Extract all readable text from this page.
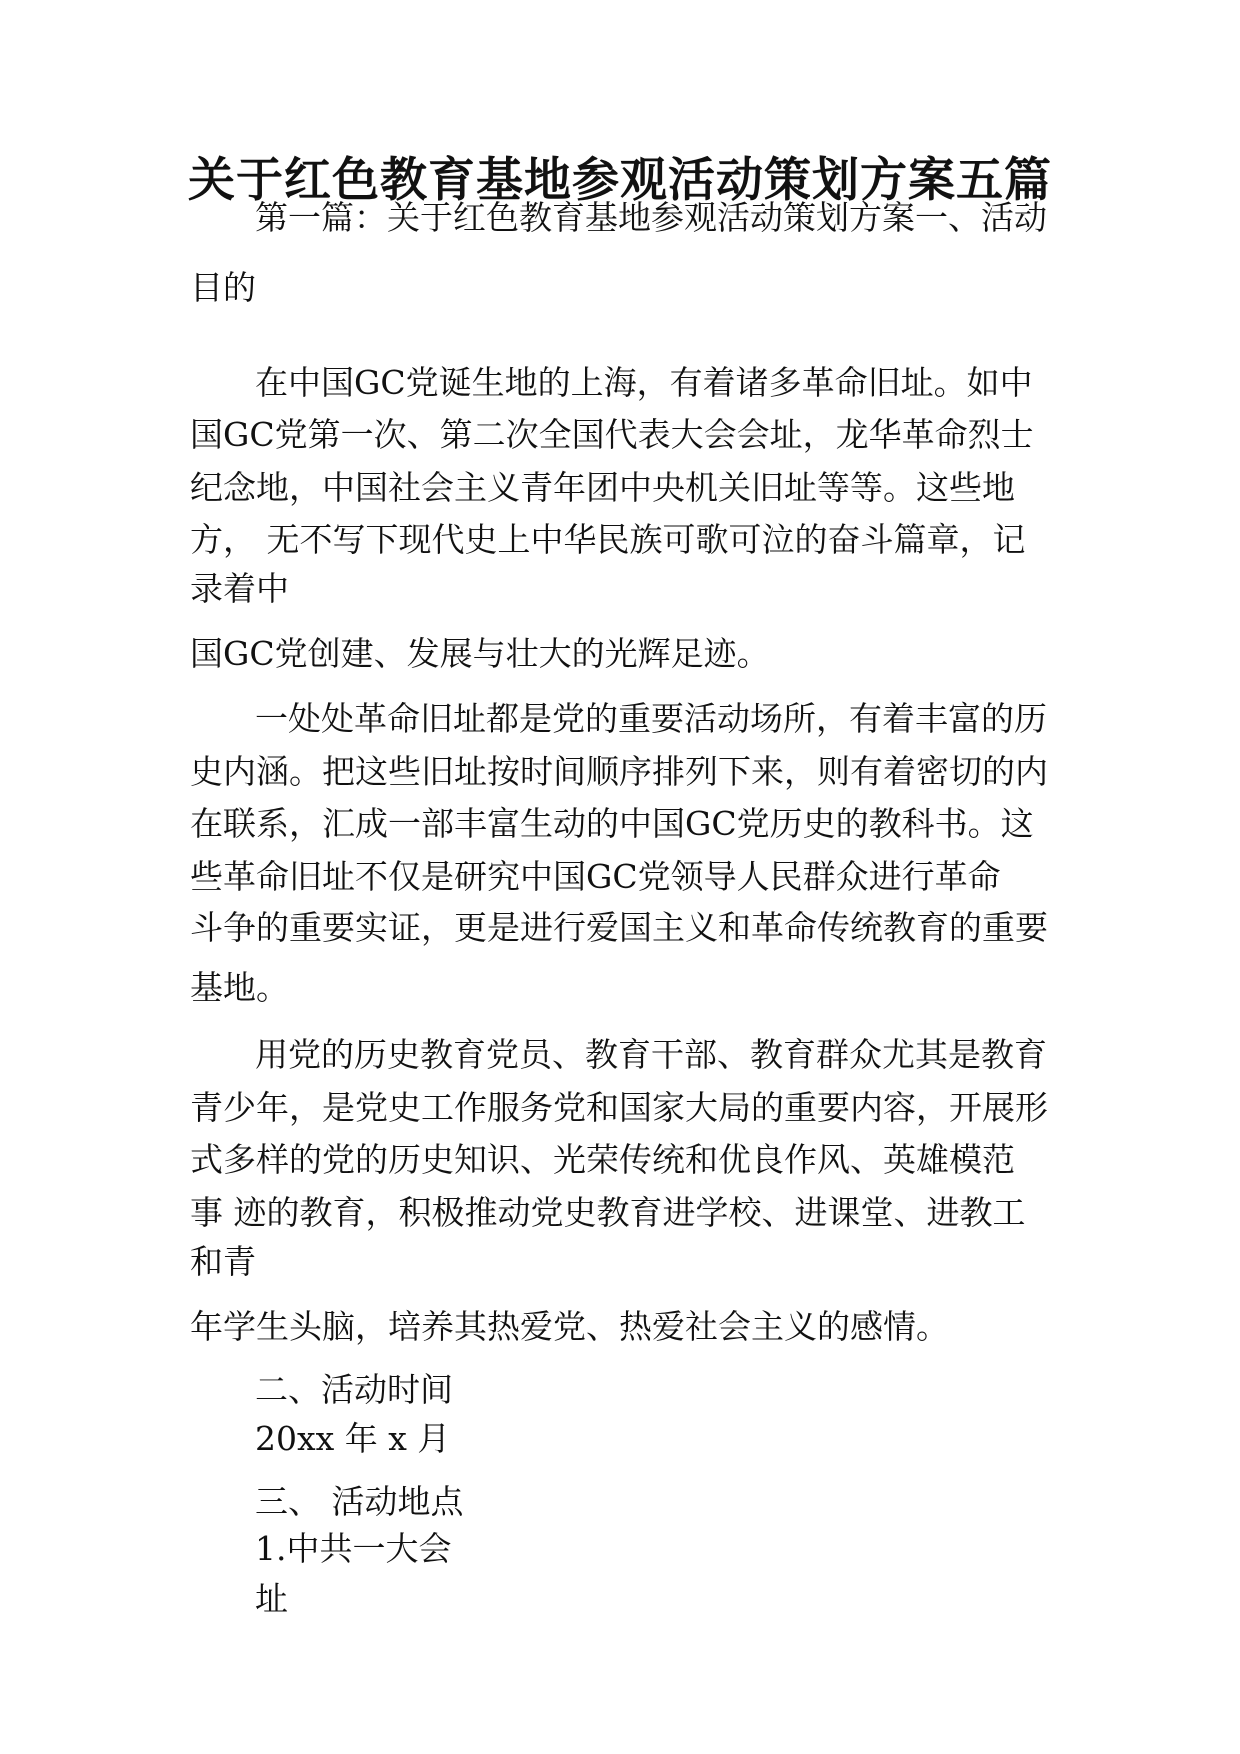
关于红色教育基地参观活动策划方案五篇

第一篇：关于红色教育基地参观活动策划方案一、活动

目的

在中国GC党诞生地的上海，有着诸多革命旧址。如中

国GC党第一次、第二次全国代表大会会址，龙华革命烈士

纪念地，中国社会主义青年团中央机关旧址等等。这些地

方， 无不写下现代史上中华民族可歌可泣的奋斗篇章，记

录着中

国GC党创建、发展与壮大的光辉足迹。

一处处革命旧址都是党的重要活动场所，有着丰富的历

史内涵。把这些旧址按时间顺序排列下来，则有着密切的内

在联系，汇成一部丰富生动的中国GC党历史的教科书。这

些革命旧址不仅是研究中国GC党领导人民群众进行革命

斗争的重要实证，更是进行爱国主义和革命传统教育的重要

基地。

用党的历史教育党员、教育干部、教育群众尤其是教育

青少年，是党史工作服务党和国家大局的重要内容，开展形

式多样的党的历史知识、光荣传统和优良作风、英雄模范

事 迹的教育，积极推动党史教育进学校、进课堂、进教工

和青

年学生头脑，培养其热爱党、热爱社会主义的感情。

二、活动时间

20xx 年 x 月

三、 活动地点

1.中共一大会

址
